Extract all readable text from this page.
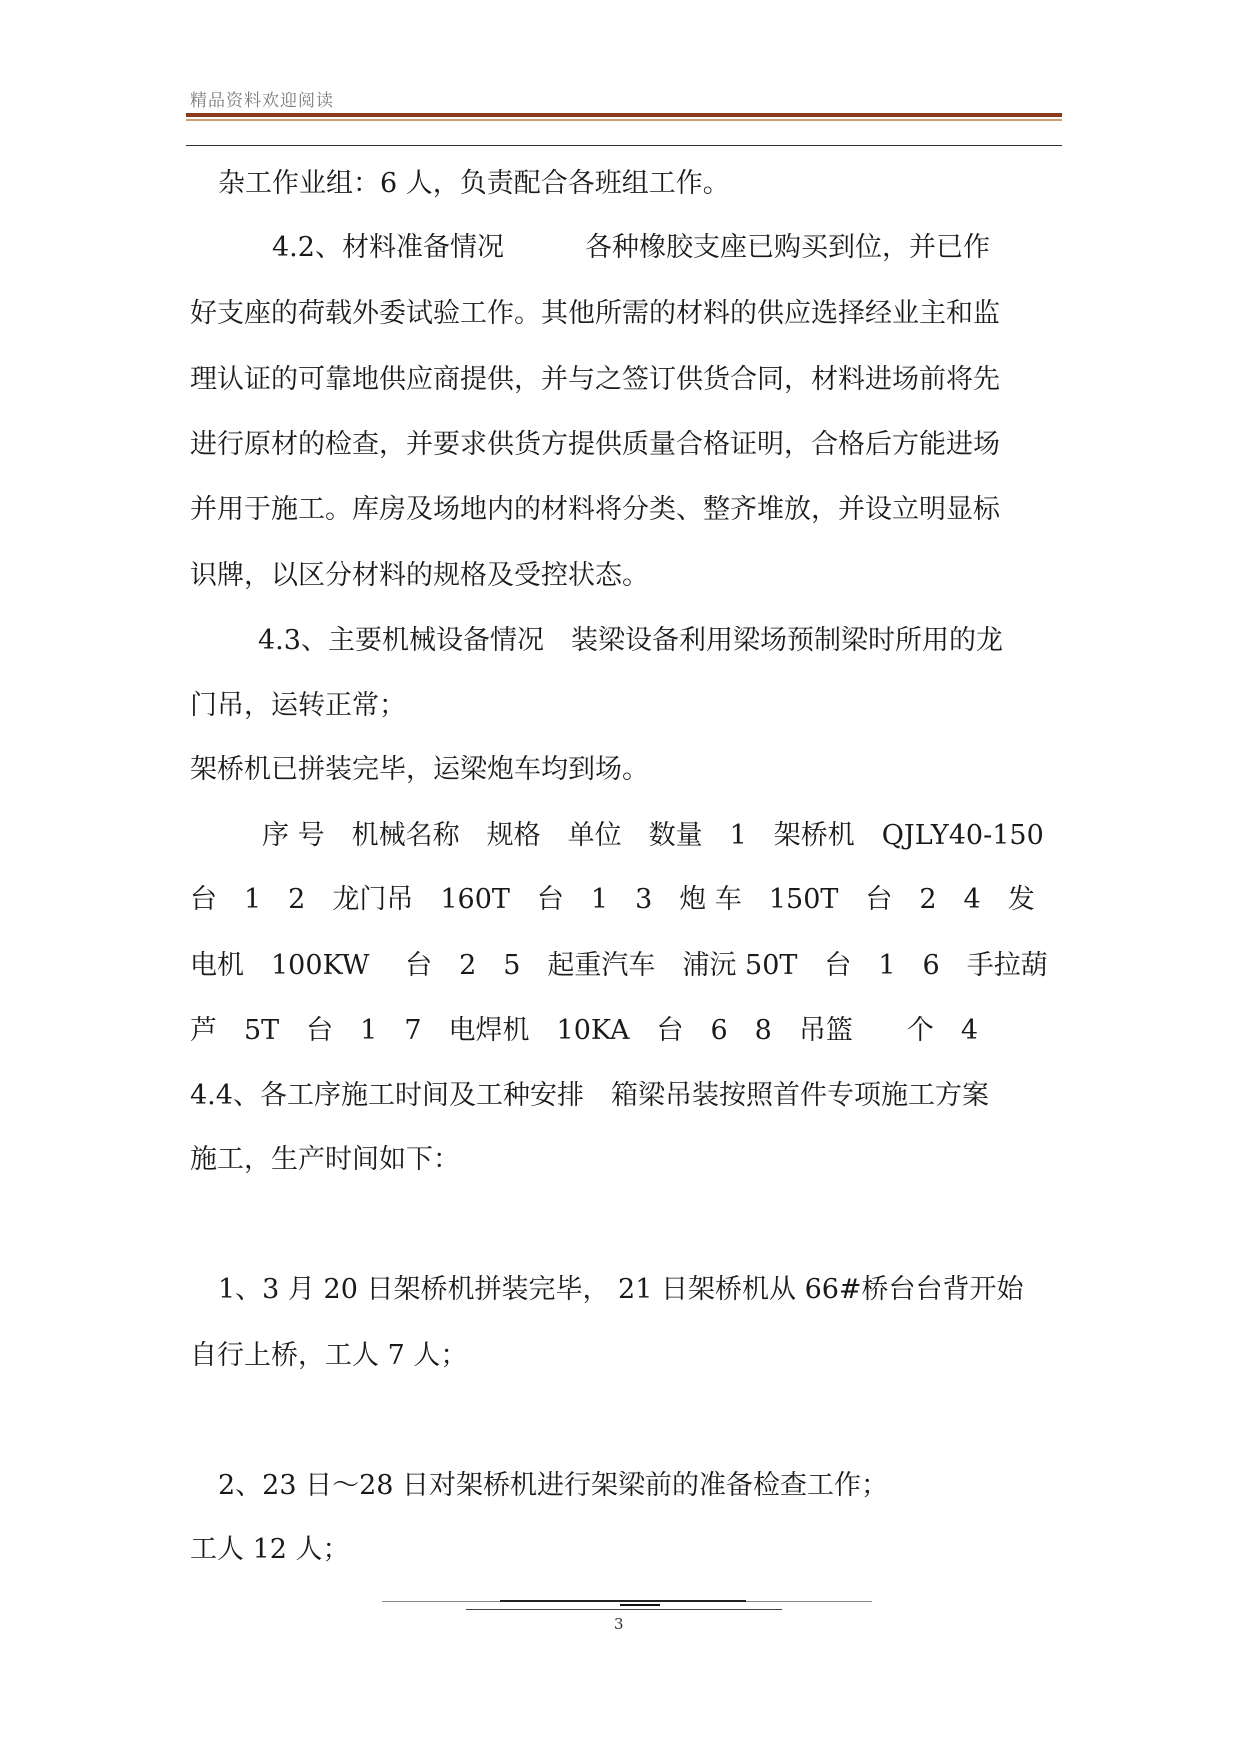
精品资料欢迎阅读
杂工作业组：6 人，负责配合各班组工作。
4.2、材料准备情况　　　各种橡胶支座已购买到位，并已作
好支座的荷载外委试验工作。其他所需的材料的供应选择经业主和监
理认证的可靠地供应商提供，并与之签订供货合同，材料进场前将先
进行原材的检查，并要求供货方提供质量合格证明，合格后方能进场
并用于施工。库房及场地内的材料将分类、整齐堆放，并设立明显标
识牌，以区分材料的规格及受控状态。
4.3、主要机械设备情况　装梁设备利用梁场预制梁时所用的龙
门吊，运转正常；
架桥机已拼装完毕，运梁炮车均到场。
序 号　机械名称　规格　单位　数量　1　架桥机　QJLY40-150
台　1　2　龙门吊　160T　台　1　3　炮 车　150T　台　2　4　发
电机　100KW　 台　2　5　起重汽车　浦沅 50T　台　1　6　手拉葫
芦　5T　台　1　7　电焊机　10KA　台　6　8　吊篮　　个　4
4.4、各工序施工时间及工种安排　箱梁吊装按照首件专项施工方案
施工，生产时间如下：
1、3 月 20 日架桥机拼装完毕， 21 日架桥机从 66#桥台台背开始
自行上桥，工人 7 人；
2、23 日～28 日对架桥机进行架梁前的准备检查工作；
工人 12 人；
3
